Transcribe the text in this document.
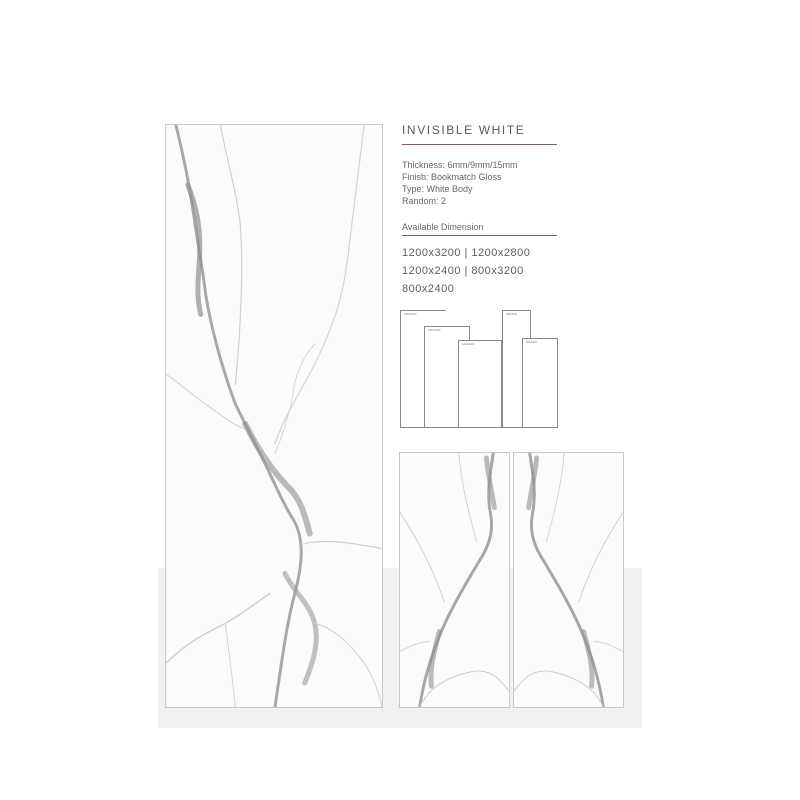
INVISIBLE WHITE
Thickness: 6mm/9mm/15mm
Finish: Bookmatch Gloss
Type: White Body
Random: 2
Available Dimension
1200x3200 | 1200x2800
1200x2400 | 800x3200
800x2400
1200x3200
1200x2800
1200x2400
800x3200
800x2400
